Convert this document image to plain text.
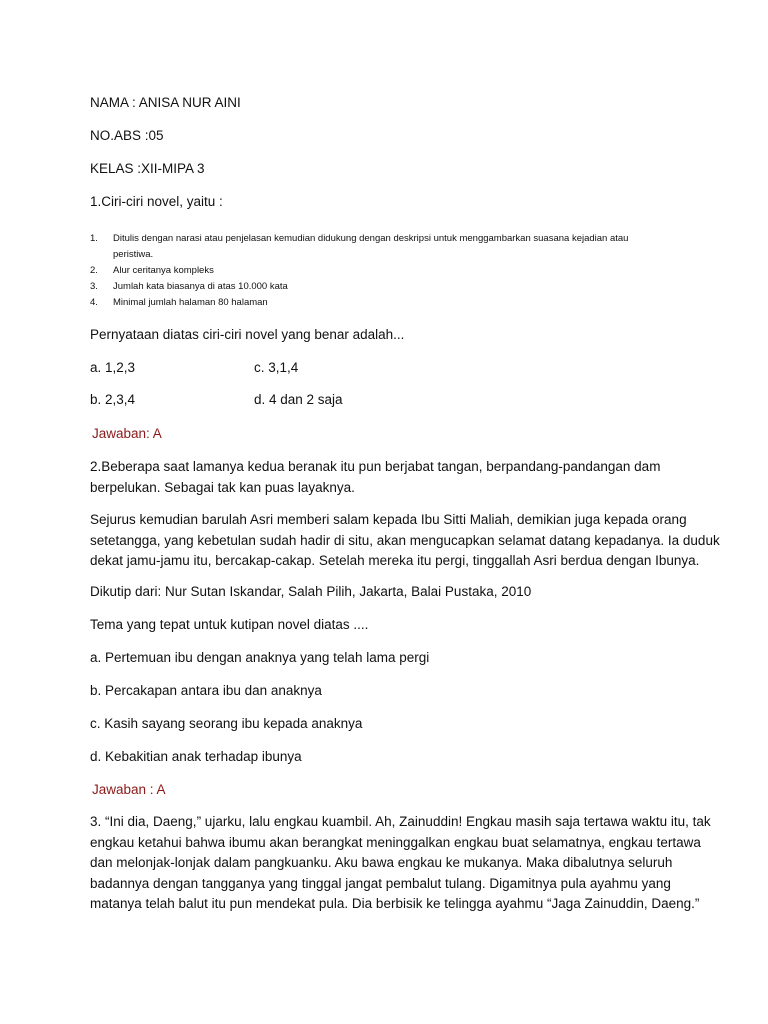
NAMA : ANISA NUR AINI
NO.ABS :05
KELAS :XII-MIPA 3
1.Ciri-ciri novel, yaitu :
1. Ditulis dengan narasi atau penjelasan kemudian didukung dengan deskripsi untuk menggambarkan suasana kejadian atau
peristiwa.
2. Alur ceritanya kompleks
3. Jumlah kata biasanya di atas 10.000 kata
4. Minimal jumlah halaman 80 halaman
Pernyataan diatas ciri-ciri novel yang benar adalah...
a. 1,2,3	c. 3,1,4
b. 2,3,4	d. 4 dan 2 saja
Jawaban: A

2.Beberapa saat lamanya kedua beranak itu pun berjabat tangan, berpandang-pandangan dam

berpelukan. Sebagai tak kan puas layaknya.

Sejurus kemudian barulah Asri memberi salam kepada Ibu Sitti Maliah, demikian juga kepada orang

setetangga, yang kebetulan sudah hadir di situ, akan mengucapkan selamat datang kepadanya. Ia duduk

dekat jamu-jamu itu, bercakap-cakap. Setelah mereka itu pergi, tinggallah Asri berdua dengan Ibunya.

Dikutip dari: Nur Sutan Iskandar, Salah Pilih, Jakarta, Balai Pustaka, 2010
Tema yang tepat untuk kutipan novel diatas ....
a. Pertemuan ibu dengan anaknya yang telah lama pergi
b. Percakapan antara ibu dan anaknya
c. Kasih sayang seorang ibu kepada anaknya
d. Kebakitian anak terhadap ibunya
Jawaban : A

3. “Ini dia, Daeng,” ujarku, lalu engkau kuambil. Ah, Zainuddin! Engkau masih saja tertawa waktu itu, tak

engkau ketahui bahwa ibumu akan berangkat meninggalkan engkau buat selamatnya, engkau tertawa

dan melonjak-lonjak dalam pangkuanku. Aku bawa engkau ke mukanya. Maka dibalutnya seluruh

badannya dengan tangganya yang tinggal jangat pembalut tulang. Digamitnya pula ayahmu yang

matanya telah balut itu pun mendekat pula. Dia berbisik ke telingga ayahmu “Jaga Zainuddin, Daeng.”
